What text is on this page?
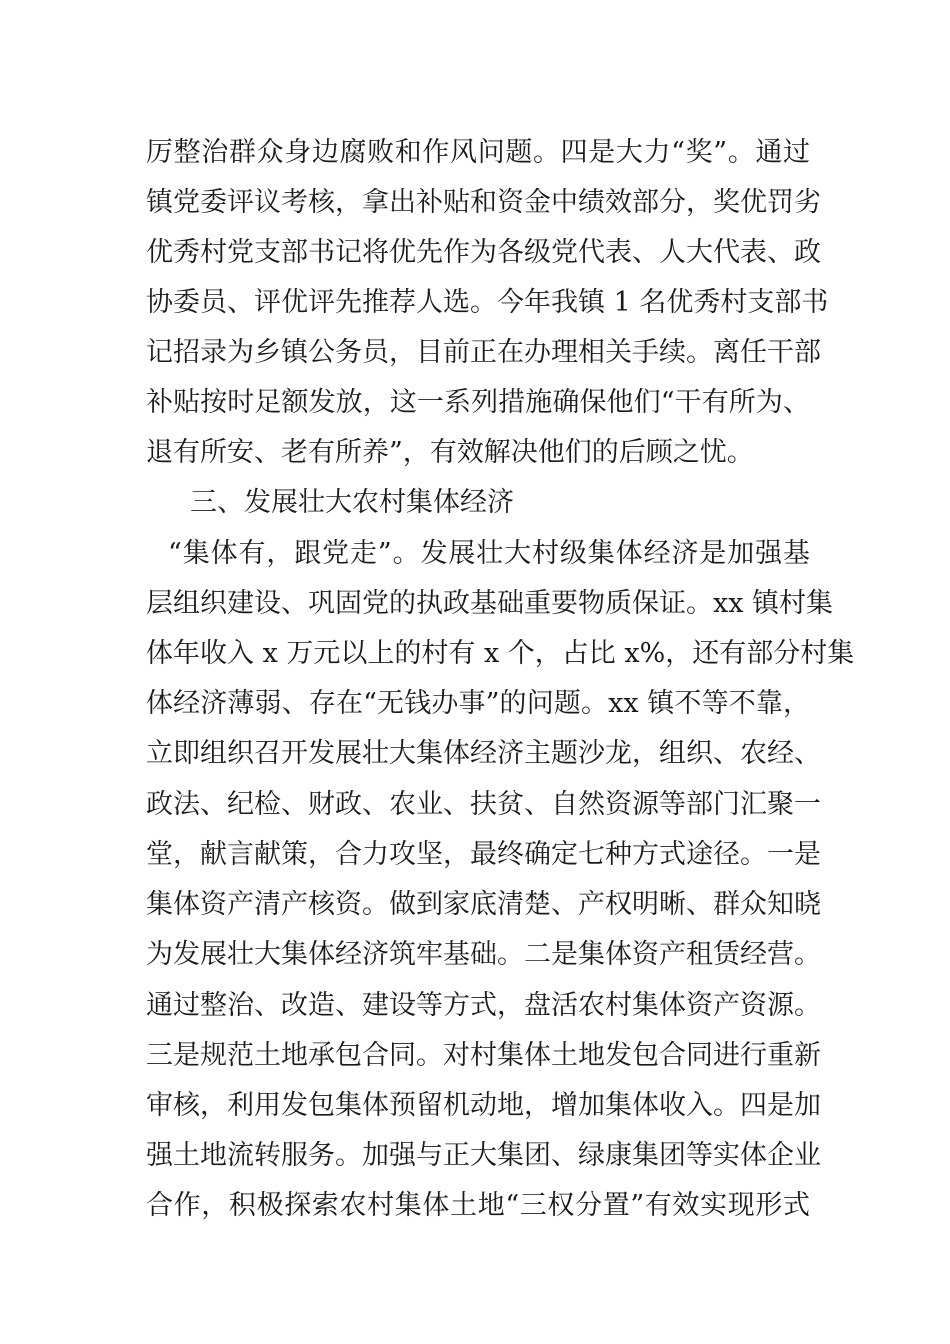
厉整治群众身边腐败和作风问题。四是大力“奖”。通过
镇党委评议考核，拿出补贴和资金中绩效部分，奖优罚劣
优秀村党支部书记将优先作为各级党代表、人大代表、政
协委员、评优评先推荐人选。今年我镇 1 名优秀村支部书
记招录为乡镇公务员，目前正在办理相关手续。离任干部
补贴按时足额发放，这一系列措施确保他们“干有所为、
退有所安、老有所养”，有效解决他们的后顾之忧。
三、发展壮大农村集体经济
“集体有，跟党走”。发展壮大村级集体经济是加强基
层组织建设、巩固党的执政基础重要物质保证。xx 镇村集
体年收入 x 万元以上的村有 x 个，占比 x%，还有部分村集
体经济薄弱、存在“无钱办事”的问题。xx 镇不等不靠，
立即组织召开发展壮大集体经济主题沙龙，组织、农经、
政法、纪检、财政、农业、扶贫、自然资源等部门汇聚一
堂，献言献策，合力攻坚，最终确定七种方式途径。一是
集体资产清产核资。做到家底清楚、产权明晰、群众知晓
为发展壮大集体经济筑牢基础。二是集体资产租赁经营。
通过整治、改造、建设等方式，盘活农村集体资产资源。
三是规范土地承包合同。对村集体土地发包合同进行重新
审核，利用发包集体预留机动地，增加集体收入。四是加
强土地流转服务。加强与正大集团、绿康集团等实体企业
合作，积极探索农村集体土地“三权分置”有效实现形式
